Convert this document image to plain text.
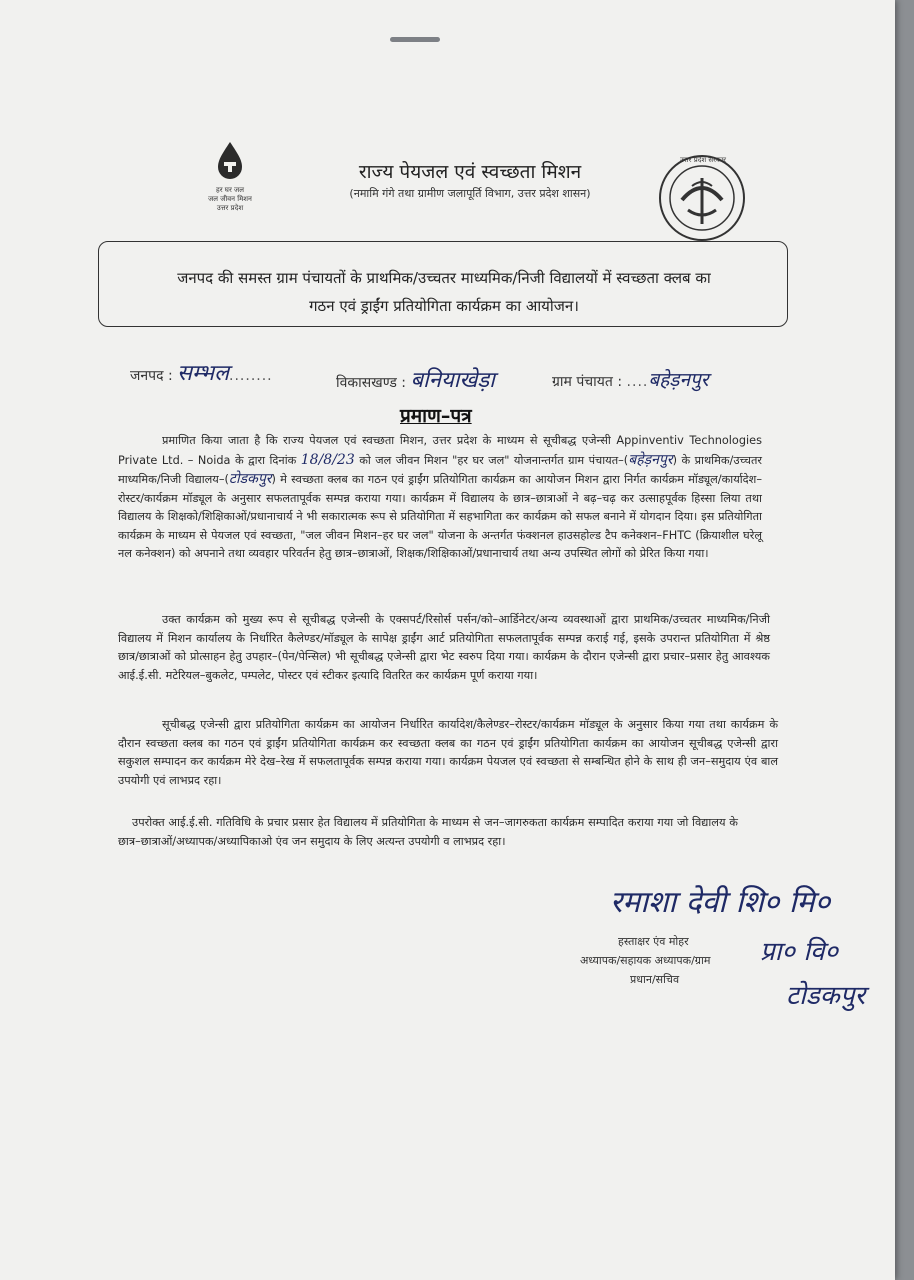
हर घर जल
जल जीवन मिशन
उत्तर प्रदेश
राज्य पेयजल एवं स्वच्छता मिशन
(नमामि गंगे तथा ग्रामीण जलापूर्ति विभाग, उत्तर प्रदेश शासन)
उत्तर प्रदेश सरकार
जनपद की समस्त ग्राम पंचायतों के प्राथमिक/उच्चतर माध्यमिक/निजी विद्यालयों में स्वच्छता क्लब का
गठन एवं ड्राईंग प्रतियोगिता कार्यक्रम का आयोजन।
जनपद : सम्भल........	विकासखण्ड : बनियाखेड़ा	ग्राम पंचायत : ....बहेड़नपुर
प्रमाण–पत्र
प्रमाणित किया जाता है कि राज्य पेयजल एवं स्वच्छता मिशन, उत्तर प्रदेश के माध्यम से सूचीबद्ध एजेन्सी Appinventiv Technologies Private Ltd. – Noida के द्वारा दिनांक 18/8/23 को जल जीवन मिशन "हर घर जल" योजनान्तर्गत ग्राम पंचायत–(बहेड़नपुर) के प्राथमिक/उच्चतर माध्यमिक/निजी विद्यालय–(टोडकपुर) मे स्वच्छता क्लब का गठन एवं ड्राईंग प्रतियोगिता कार्यक्रम का आयोजन मिशन द्वारा निर्गत कार्यक्रम मॉड्यूल/कार्यादेश–रोस्टर/कार्यक्रम मॉड्यूल के अनुसार सफलतापूर्वक सम्पन्न कराया गया। कार्यक्रम में विद्यालय के छात्र–छात्राओं ने बढ़–चढ़ कर उत्साहपूर्वक हिस्सा लिया तथा विद्यालय के शिक्षको/शिक्षिकाओं/प्रधानाचार्य ने भी सकारात्मक रूप से प्रतियोगिता में सहभागिता कर कार्यक्रम को सफल बनाने में योगदान दिया। इस प्रतियोगिता कार्यक्रम के माध्यम से पेयजल एवं स्वच्छता, "जल जीवन मिशन–हर घर जल" योजना के अन्तर्गत फंक्शनल हाउसहोल्ड टैप कनेक्शन–FHTC (क्रियाशील घरेलू नल कनेक्शन) को अपनाने तथा व्यवहार परिवर्तन हेतु छात्र–छात्राओं, शिक्षक/शिक्षिकाओं/प्रधानाचार्य तथा अन्य उपस्थित लोगों को प्रेरित किया गया।
उक्त कार्यक्रम को मुख्य रूप से सूचीबद्ध एजेन्सी के एक्सपर्ट/रिसोर्स पर्सन/को–आर्डिनेटर/अन्य व्यवस्थाओं द्वारा प्राथमिक/उच्चतर माध्यमिक/निजी विद्यालय में मिशन कार्यालय के निर्धारित कैलेण्डर/मॉड्यूल के सापेक्ष ड्राईंग आर्ट प्रतियोगिता सफलतापूर्वक सम्पन्न कराई गई, इसके उपरान्त प्रतियोगिता में श्रेष्ठ छात्र/छात्राओं को प्रोत्साहन हेतु उपहार–(पेन/पेन्सिल) भी सूचीबद्ध एजेन्सी द्वारा भेट स्वरुप दिया गया। कार्यक्रम के दौरान एजेन्सी द्वारा प्रचार–प्रसार हेतु आवश्यक आई.ई.सी. मटेरियल–बुकलेट, पम्पलेट, पोस्टर एवं स्टीकर इत्यादि वितरित कर कार्यक्रम पूर्ण कराया गया।
सूचीबद्ध एजेन्सी द्वारा प्रतियोगिता कार्यक्रम का आयोजन निर्धारित कार्यादेश/कैलेण्डर–रोस्टर/कार्यक्रम मॉड्यूल के अनुसार किया गया तथा कार्यक्रम के दौरान स्वच्छता क्लब का गठन एवं ड्राईंग प्रतियोगिता कार्यक्रम कर स्वच्छता क्लब का गठन एवं ड्राईंग प्रतियोगिता कार्यक्रम का आयोजन सूचीबद्ध एजेन्सी द्वारा सकुशल सम्पादन कर कार्यक्रम मेरे देख–रेख में सफलतापूर्वक सम्पन्न कराया गया। कार्यक्रम पेयजल एवं स्वच्छता से सम्बन्धित होने के साथ ही जन–समुदाय एंव बाल उपयोगी एवं लाभप्रद रहा।
उपरोक्त आई.ई.सी. गतिविधि के प्रचार प्रसार हेत विद्यालय में प्रतियोगिता के माध्यम से जन–जागरुकता कार्यक्रम सम्पादित कराया गया जो विद्यालय के छात्र–छात्राओं/अध्यापक/अध्यापिकाओ एंव जन समुदाय के लिए अत्यन्त उपयोगी व लाभप्रद रहा।
रमाशा देवी शि० मि०
हस्ताक्षर एंव मोहर
अध्यापक/सहायक अध्यापक/ग्राम
प्रधान/सचिव
प्रा० वि०
टोडकपुर
